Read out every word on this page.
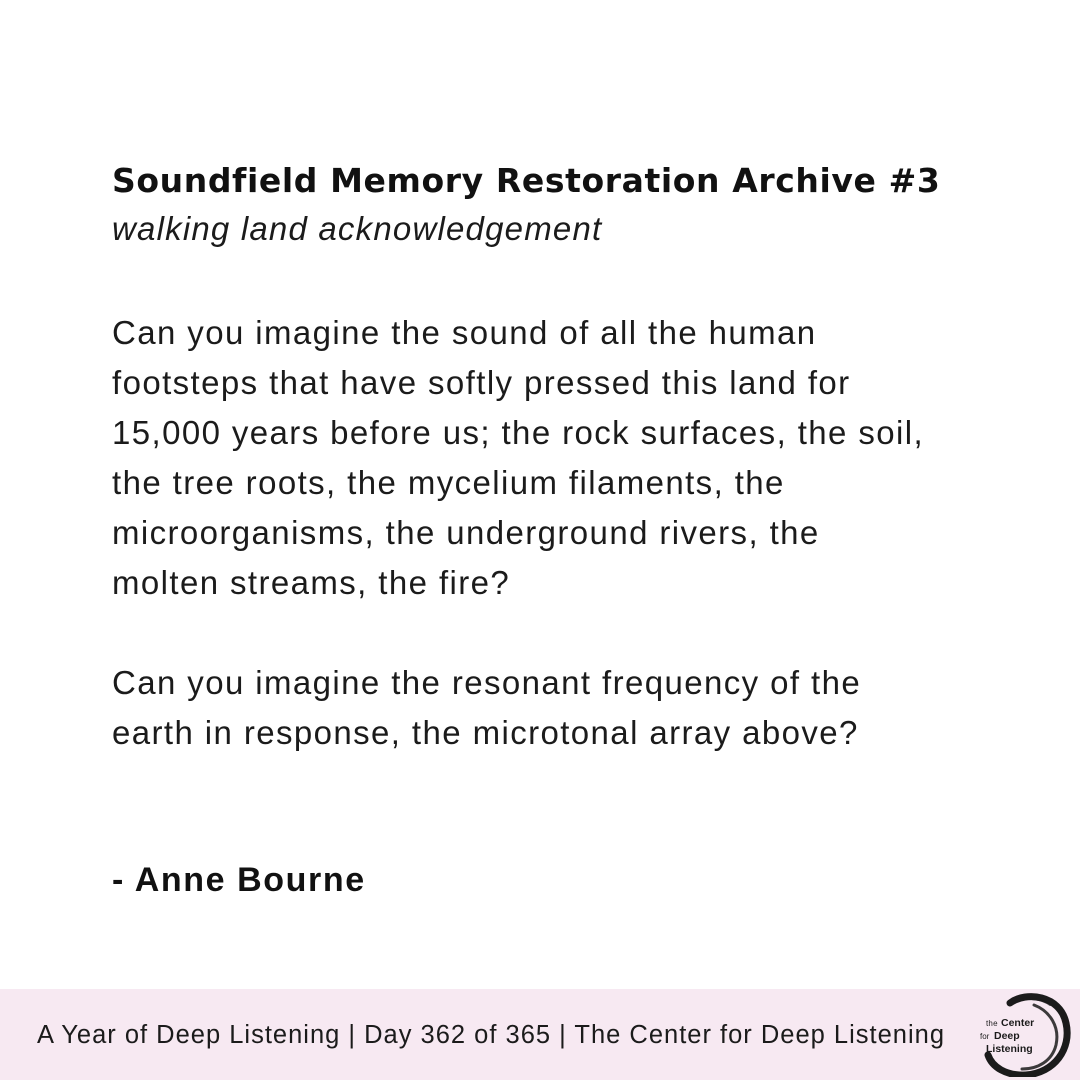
Soundfield Memory Restoration Archive #3

walking land acknowledgement

Can you imagine the sound of all the human
footsteps that have softly pressed this land for
15,000 years before us; the rock surfaces, the soil,
the tree roots, the mycelium filaments, the
microorganisms, the underground rivers, the
molten streams, the fire?

Can you imagine the resonant frequency of the
earth in response, the microtonal array above?

- Anne Bourne
A Year of Deep Listening | Day 362 of 365 | The Center for Deep Listening	the Center
for Deep
Listening
